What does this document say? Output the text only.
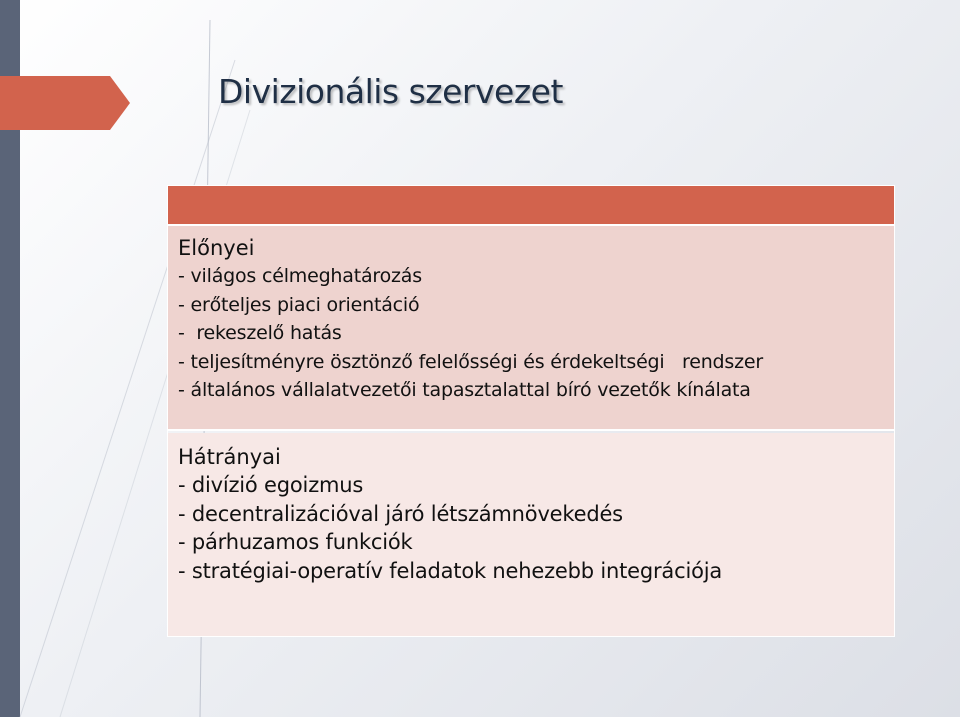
Divizionális szervezet
Előnyei
- világos célmeghatározás
- erőteljes piaci orientáció
-  rekeszelő hatás
- teljesítményre ösztönző felelősségi és érdekeltségi   rendszer
- általános vállalatvezetői tapasztalattal bíró vezetők kínálata
Hátrányai
- divízió egoizmus
- decentralizációval járó létszámnövekedés
- párhuzamos funkciók
- stratégiai-operatív feladatok nehezebb integrációja
